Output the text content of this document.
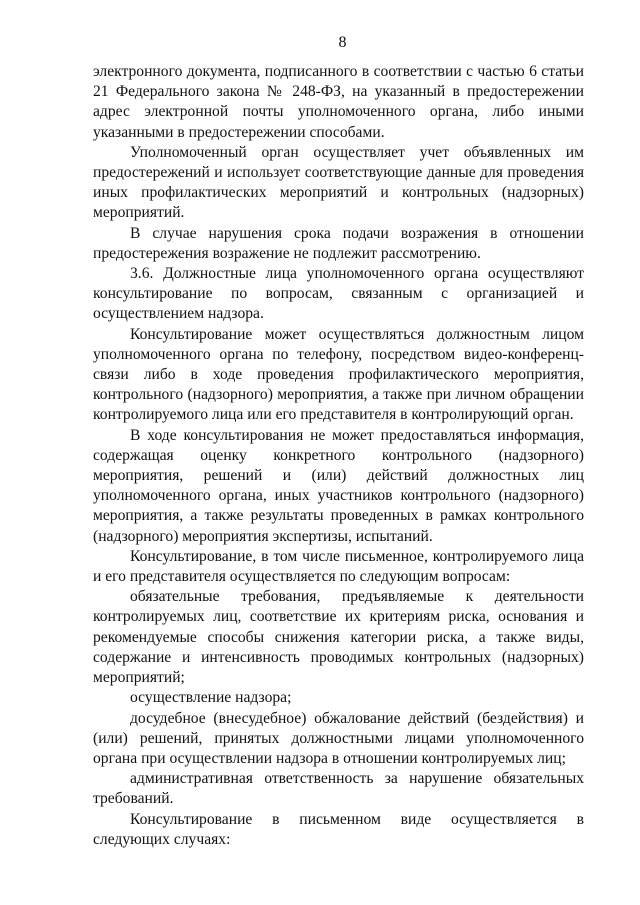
8

электронного документа, подписанного в соответствии с частью 6 статьи 21 Федерального закона № 248-ФЗ, на указанный в предостережении адрес электронной почты уполномоченного органа, либо иными указанными в предостережении способами.

Уполномоченный орган осуществляет учет объявленных им предостережений и использует соответствующие данные для проведения иных профилактических мероприятий и контрольных (надзорных) мероприятий.

В случае нарушения срока подачи возражения в отношении предостережения возражение не подлежит рассмотрению.

3.6. Должностные лица уполномоченного органа осуществляют консультирование по вопросам, связанным с организацией и осуществлением надзора.

Консультирование может осуществляться должностным лицом уполномоченного органа по телефону, посредством видео-конференц-связи либо в ходе проведения профилактического мероприятия, контрольного (надзорного) мероприятия, а также при личном обращении контролируемого лица или его представителя в контролирующий орган.

В ходе консультирования не может предоставляться информация, содержащая оценку конкретного контрольного (надзорного) мероприятия, решений и (или) действий должностных лиц уполномоченного органа, иных участников контрольного (надзорного) мероприятия, а также результаты проведенных в рамках контрольного (надзорного) мероприятия экспертизы, испытаний.

Консультирование, в том числе письменное, контролируемого лица и его представителя осуществляется по следующим вопросам:

обязательные требования, предъявляемые к деятельности контролируемых лиц, соответствие их критериям риска, основания и рекомендуемые способы снижения категории риска, а также виды, содержание и интенсивность проводимых контрольных (надзорных) мероприятий;

осуществление надзора;

досудебное (внесудебное) обжалование действий (бездействия) и (или) решений, принятых должностными лицами уполномоченного органа при осуществлении надзора в отношении контролируемых лиц;

административная ответственность за нарушение обязательных требований.

Консультирование в письменном виде осуществляется в следующих случаях:
